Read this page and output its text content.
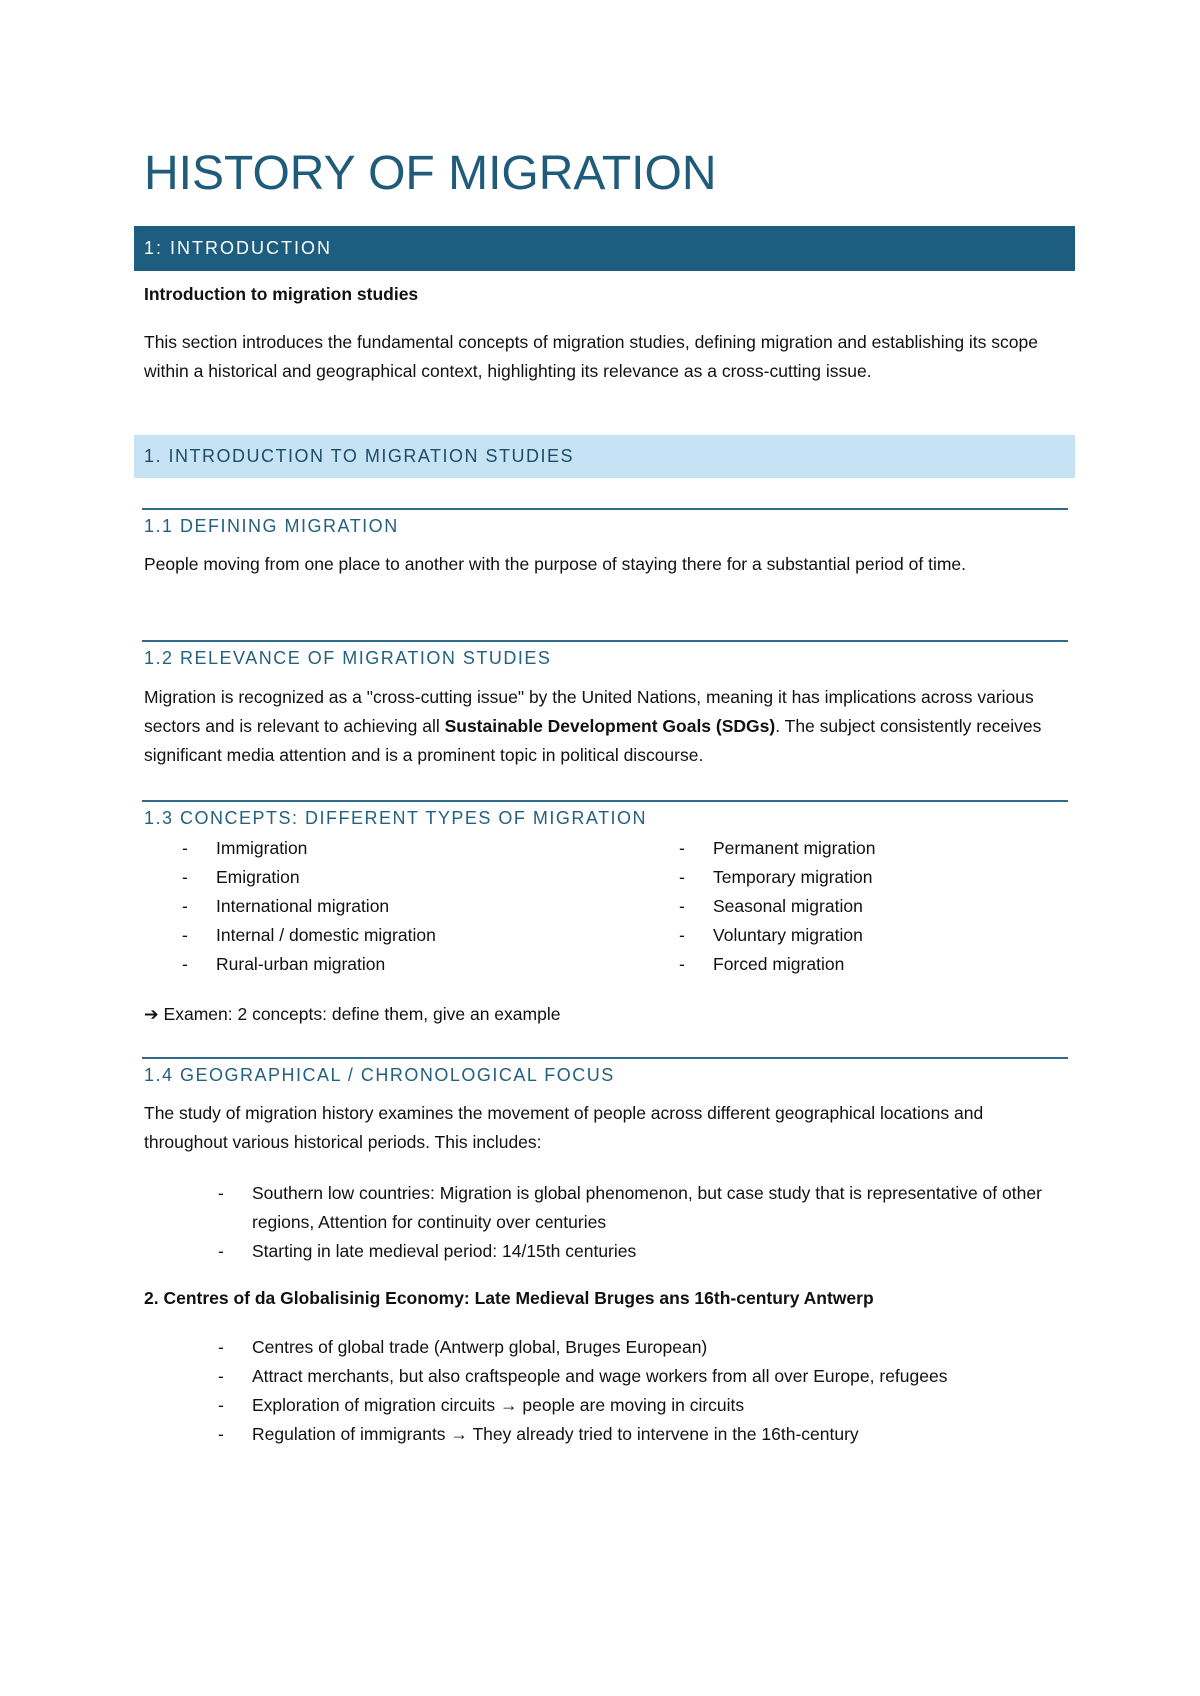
HISTORY OF MIGRATION
1: INTRODUCTION
Introduction to migration studies
This section introduces the fundamental concepts of migration studies, defining migration and establishing its scope within a historical and geographical context, highlighting its relevance as a cross-cutting issue.
1. INTRODUCTION TO MIGRATION STUDIES
1.1 DEFINING MIGRATION
People moving from one place to another with the purpose of staying there for a substantial period of time.
1.2 RELEVANCE OF MIGRATION STUDIES
Migration is recognized as a "cross-cutting issue" by the United Nations, meaning it has implications across various sectors and is relevant to achieving all Sustainable Development Goals (SDGs). The subject consistently receives significant media attention and is a prominent topic in political discourse.
1.3 CONCEPTS: DIFFERENT TYPES OF MIGRATION
- Immigration
- Emigration
- International migration
- Internal / domestic migration
- Rural-urban migration
- Permanent migration
- Temporary migration
- Seasonal migration
- Voluntary migration
- Forced migration
➔ Examen: 2 concepts: define them, give an example
1.4 GEOGRAPHICAL / CHRONOLOGICAL FOCUS
The study of migration history examines the movement of people across different geographical locations and throughout various historical periods. This includes:
- Southern low countries: Migration is global phenomenon, but case study that is representative of other regions, Attention for continuity over centuries
- Starting in late medieval period: 14/15th centuries
2. Centres of da Globalisinig Economy: Late Medieval Bruges ans 16th-century Antwerp
- Centres of global trade (Antwerp global, Bruges European)
- Attract merchants, but also craftspeople and wage workers from all over Europe, refugees
- Exploration of migration circuits → people are moving in circuits
- Regulation of immigrants → They already tried to intervene in the 16th-century
